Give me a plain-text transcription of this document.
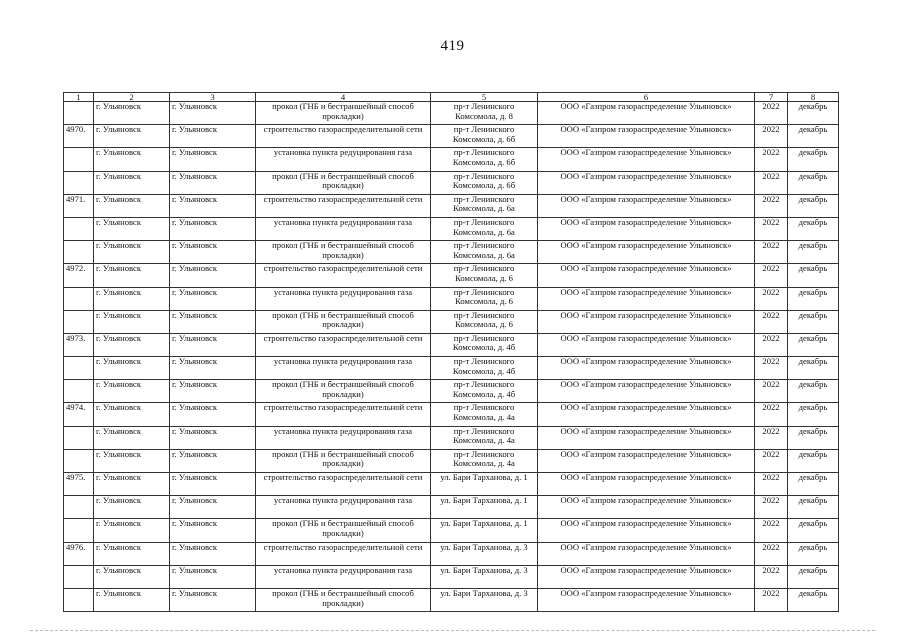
419
1	2	3	4	5	6	7	8
	г. Ульяновск	г. Ульяновск	прокол (ГНБ и бестраншейный способ прокладки)	пр-т Ленинского Комсомола, д. 8	ООО «Газпром газораспределение Ульяновск»	2022	декабрь
4970.	г. Ульяновск	г. Ульяновск	строительство газораспределительной сети	пр-т Ленинского Комсомола, д. 6б	ООО «Газпром газораспределение Ульяновск»	2022	декабрь
	г. Ульяновск	г. Ульяновск	установка пункта редуцирования газа	пр-т Ленинского Комсомола, д. 6б	ООО «Газпром газораспределение Ульяновск»	2022	декабрь
	г. Ульяновск	г. Ульяновск	прокол (ГНБ и бестраншейный способ прокладки)	пр-т Ленинского Комсомола, д. 6б	ООО «Газпром газораспределение Ульяновск»	2022	декабрь
4971.	г. Ульяновск	г. Ульяновск	строительство газораспределительной сети	пр-т Ленинского Комсомола, д. 6а	ООО «Газпром газораспределение Ульяновск»	2022	декабрь
	г. Ульяновск	г. Ульяновск	установка пункта редуцирования газа	пр-т Ленинского Комсомола, д. 6а	ООО «Газпром газораспределение Ульяновск»	2022	декабрь
	г. Ульяновск	г. Ульяновск	прокол (ГНБ и бестраншейный способ прокладки)	пр-т Ленинского Комсомола, д. 6а	ООО «Газпром газораспределение Ульяновск»	2022	декабрь
4972.	г. Ульяновск	г. Ульяновск	строительство газораспределительной сети	пр-т Ленинского Комсомола, д. 6	ООО «Газпром газораспределение Ульяновск»	2022	декабрь
	г. Ульяновск	г. Ульяновск	установка пункта редуцирования газа	пр-т Ленинского Комсомола, д. 6	ООО «Газпром газораспределение Ульяновск»	2022	декабрь
	г. Ульяновск	г. Ульяновск	прокол (ГНБ и бестраншейный способ прокладки)	пр-т Ленинского Комсомола, д. 6	ООО «Газпром газораспределение Ульяновск»	2022	декабрь
4973.	г. Ульяновск	г. Ульяновск	строительство газораспределительной сети	пр-т Ленинского Комсомола, д. 4б	ООО «Газпром газораспределение Ульяновск»	2022	декабрь
	г. Ульяновск	г. Ульяновск	установка пункта редуцирования газа	пр-т Ленинского Комсомола, д. 4б	ООО «Газпром газораспределение Ульяновск»	2022	декабрь
	г. Ульяновск	г. Ульяновск	прокол (ГНБ и бестраншейный способ прокладки)	пр-т Ленинского Комсомола, д. 4б	ООО «Газпром газораспределение Ульяновск»	2022	декабрь
4974.	г. Ульяновск	г. Ульяновск	строительство газораспределительной сети	пр-т Ленинского Комсомола, д. 4а	ООО «Газпром газораспределение Ульяновск»	2022	декабрь
	г. Ульяновск	г. Ульяновск	установка пункта редуцирования газа	пр-т Ленинского Комсомола, д. 4а	ООО «Газпром газораспределение Ульяновск»	2022	декабрь
	г. Ульяновск	г. Ульяновск	прокол (ГНБ и бестраншейный способ прокладки)	пр-т Ленинского Комсомола, д. 4а	ООО «Газпром газораспределение Ульяновск»	2022	декабрь
4975.	г. Ульяновск	г. Ульяновск	строительство газораспределительной сети	ул. Бари Тарханова, д. 1	ООО «Газпром газораспределение Ульяновск»	2022	декабрь
	г. Ульяновск	г. Ульяновск	установка пункта редуцирования газа	ул. Бари Тарханова, д. 1	ООО «Газпром газораспределение Ульяновск»	2022	декабрь
	г. Ульяновск	г. Ульяновск	прокол (ГНБ и бестраншейный способ прокладки)	ул. Бари Тарханова, д. 1	ООО «Газпром газораспределение Ульяновск»	2022	декабрь
4976.	г. Ульяновск	г. Ульяновск	строительство газораспределительной сети	ул. Бари Тарханова, д. 3	ООО «Газпром газораспределение Ульяновск»	2022	декабрь
	г. Ульяновск	г. Ульяновск	установка пункта редуцирования газа	ул. Бари Тарханова, д. 3	ООО «Газпром газораспределение Ульяновск»	2022	декабрь
	г. Ульяновск	г. Ульяновск	прокол (ГНБ и бестраншейный способ прокладки)	ул. Бари Тарханова, д. 3	ООО «Газпром газораспределение Ульяновск»	2022	декабрь
